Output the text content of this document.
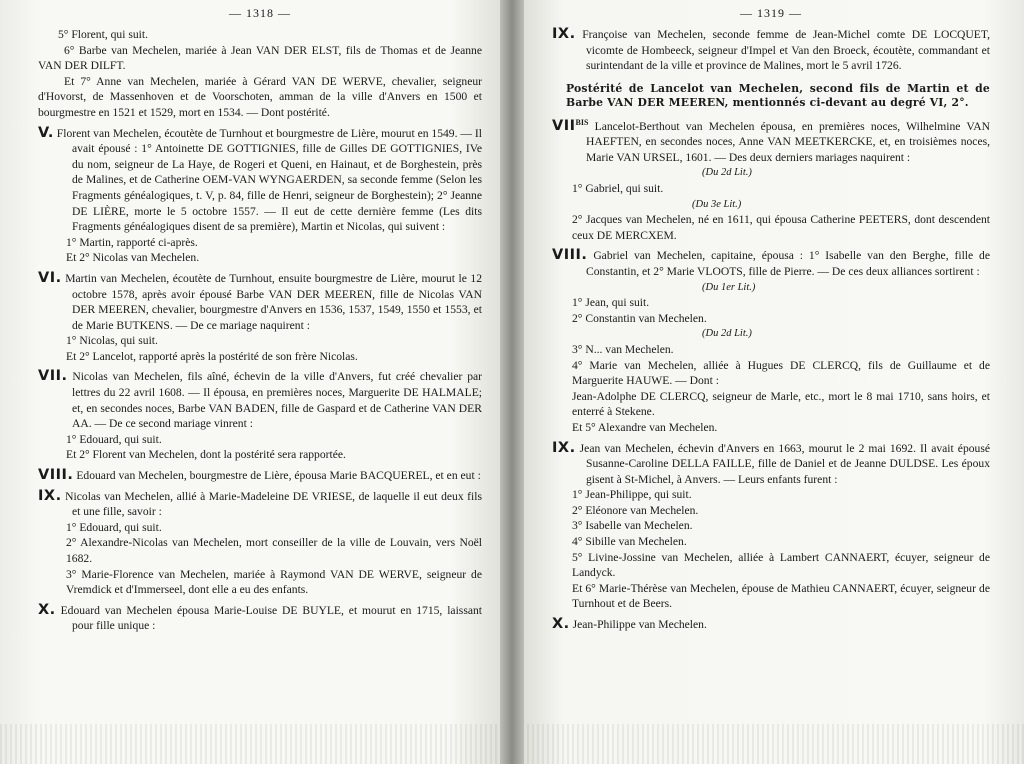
— 1318 —

5° Florent, qui suit.

6° Barbe van Mechelen, mariée à Jean VAN DER ELST, fils de Thomas et de Jeanne VAN DER DILFT.

Et 7° Anne van Mechelen, mariée à Gérard VAN DE WERVE, chevalier, seigneur d'Hovorst, de Massenhoven et de Voorschoten, amman de la ville d'Anvers en 1500 et bourgmestre en 1521 et 1529, mort en 1534. — Dont postérité.

V. Florent van Mechelen, écoutète de Turnhout et bourgmestre de Lière, mourut en 1549. — Il avait épousé : 1° Antoinette DE GOTTIGNIES, fille de Gilles DE GOTTIGNIES, IVe du nom, seigneur de La Haye, de Rogeri et Queni, en Hainaut, et de Borghestein, près de Malines, et de Catherine OEM-VAN WYNGAERDEN, sa seconde femme (Selon les Fragments généalogiques, t. V, p. 84, fille de Henri, seigneur de Borghestein); 2° Jeanne DE LIÈRE, morte le 5 octobre 1557. — Il eut de cette dernière femme (Les dits Fragments généalogiques disent de sa première), Martin et Nicolas, qui suivent :

1° Martin, rapporté ci-après.

Et 2° Nicolas van Mechelen.

VI. Martin van Mechelen, écoutète de Turnhout, ensuite bourgmestre de Lière, mourut le 12 octobre 1578, après avoir épousé Barbe VAN DER MEEREN, fille de Nicolas VAN DER MEEREN, chevalier, bourgmestre d'Anvers en 1536, 1537, 1549, 1550 et 1553, et de Marie BUTKENS. — De ce mariage naquirent :

1° Nicolas, qui suit.

Et 2° Lancelot, rapporté après la postérité de son frère Nicolas.

VII. Nicolas van Mechelen, fils aîné, échevin de la ville d'Anvers, fut créé chevalier par lettres du 22 avril 1608. — Il épousa, en premières noces, Marguerite DE HALMALE; et, en secondes noces, Barbe VAN BADEN, fille de Gaspard et de Catherine VAN DER AA. — De ce second mariage vinrent :

1° Edouard, qui suit.

Et 2° Florent van Mechelen, dont la postérité sera rapportée.

VIII. Edouard van Mechelen, bourgmestre de Lière, épousa Marie BACQUEREL, et en eut :

IX. Nicolas van Mechelen, allié à Marie-Madeleine DE VRIESE, de laquelle il eut deux fils et une fille, savoir :

1° Edouard, qui suit.

2° Alexandre-Nicolas van Mechelen, mort conseiller de la ville de Louvain, vers Noël 1682.

3° Marie-Florence van Mechelen, mariée à Raymond VAN DE WERVE, seigneur de Vremdick et d'Immerseel, dont elle a eu des enfants.

X. Edouard van Mechelen épousa Marie-Louise DE BUYLE, et mourut en 1715, laissant pour fille unique :

— 1319 —

IX. Françoise van Mechelen, seconde femme de Jean-Michel comte DE LOCQUET, vicomte de Hombeeck, seigneur d'Impel et Van den Broeck, écoutète, commandant et surintendant de la ville et province de Malines, mort le 5 avril 1726.

Postérité de Lancelot van Mechelen, second fils de Martin et de Barbe VAN DER MEEREN, mentionnés ci-devant au degré VI, 2°.

$VII^{BIS}$ Lancelot-Berthout van Mechelen épousa, en premières noces, Wilhelmine VAN HAEFTEN, en secondes noces, Anne VAN MEETKERCKE, et, en troisièmes noces, Marie VAN URSEL, 1601. — Des deux derniers mariages naquirent :

(Du 2d Lit.)

1° Gabriel, qui suit.

(Du 3e Lit.)

2° Jacques van Mechelen, né en 1611, qui épousa Catherine PEETERS, dont descendent ceux DE MERCXEM.

VIII. Gabriel van Mechelen, capitaine, épousa : 1° Isabelle van den Berghe, fille de Constantin, et 2° Marie VLOOTS, fille de Pierre. — De ces deux alliances sortirent :

(Du 1er Lit.)

1° Jean, qui suit.

2° Constantin van Mechelen.

(Du 2d Lit.)

3° N... van Mechelen.

4° Marie van Mechelen, alliée à Hugues DE CLERCQ, fils de Guillaume et de Marguerite HAUWE. — Dont :

Jean-Adolphe DE CLERCQ, seigneur de Marle, etc., mort le 8 mai 1710, sans hoirs, et enterré à Stekene.

Et 5° Alexandre van Mechelen.

IX. Jean van Mechelen, échevin d'Anvers en 1663, mourut le 2 mai 1692. Il avait épousé Susanne-Caroline DELLA FAILLE, fille de Daniel et de Jeanne DULDSE. Les époux gisent à St-Michel, à Anvers. — Leurs enfants furent :

1° Jean-Philippe, qui suit.

2° Eléonore van Mechelen.

3° Isabelle van Mechelen.

4° Sibille van Mechelen.

5° Livine-Jossine van Mechelen, alliée à Lambert CANNAERT, écuyer, seigneur de Landyck.

Et 6° Marie-Thérèse van Mechelen, épouse de Mathieu CANNAERT, écuyer, seigneur de Turnhout et de Beers.

X. Jean-Philippe van Mechelen.
